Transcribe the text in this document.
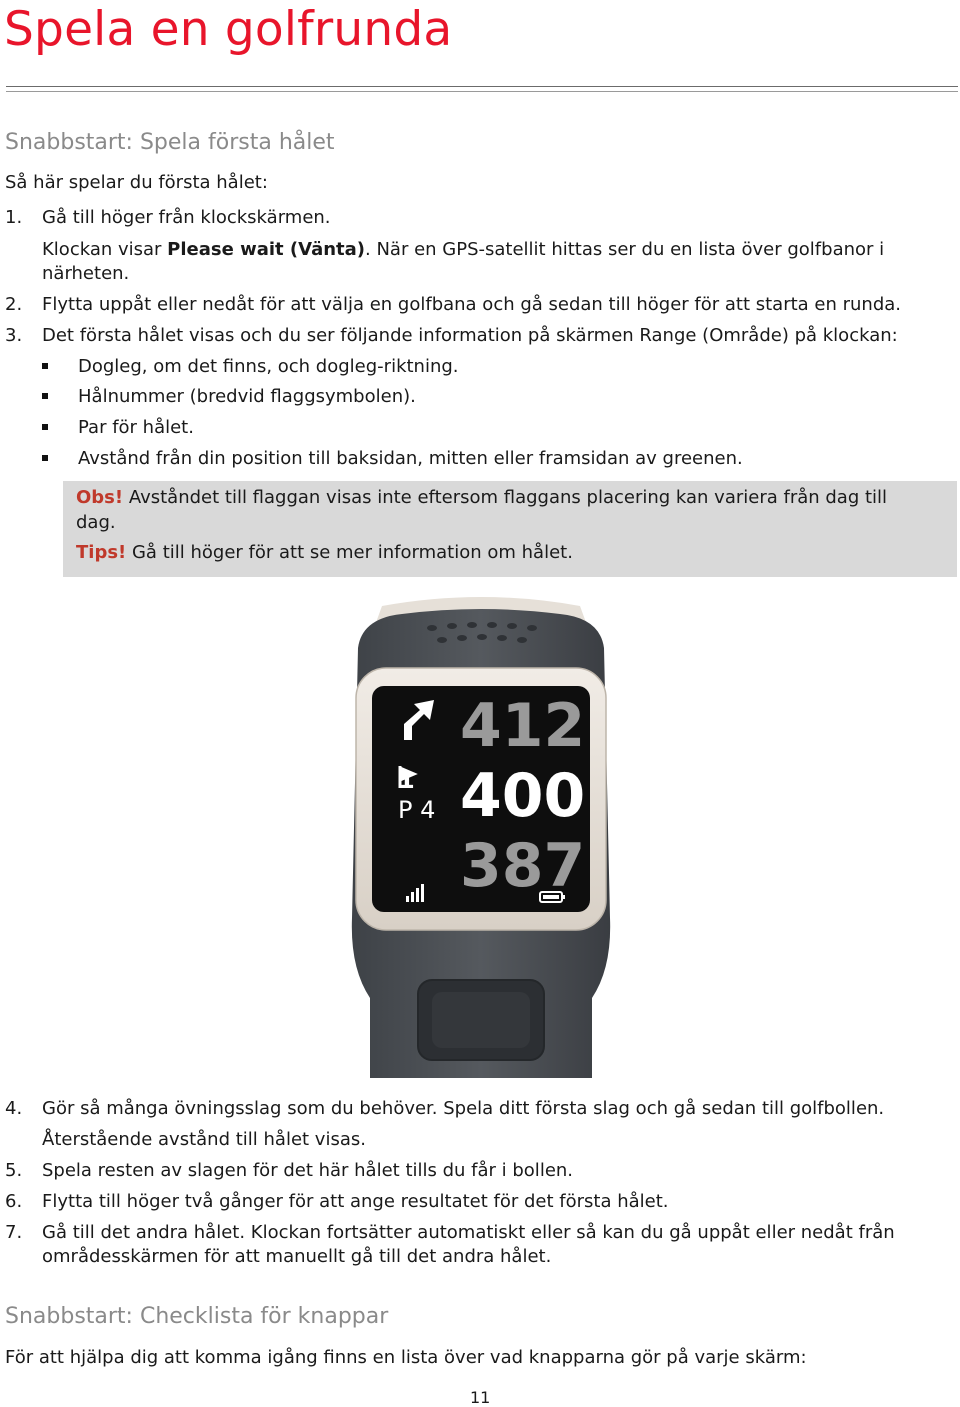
Spela en golfrunda
Snabbstart: Spela första hålet
Så här spelar du första hålet:
1. Gå till höger från klockskärmen.
Klockan visar Please wait (Vänta). När en GPS-satellit hittas ser du en lista över golfbanor i
närheten.
2. Flytta uppåt eller nedåt för att välja en golfbana och gå sedan till höger för att starta en runda.
3. Det första hålet visas och du ser följande information på skärmen Range (Område) på klockan:
Dogleg, om det finns, och dogleg-riktning.
Hålnummer (bredvid flaggsymbolen).
Par för hålet.
Avstånd från din position till baksidan, mitten eller framsidan av greenen.
Obs! Avståndet till flaggan visas inte eftersom flaggans placering kan variera från dag till
dag.
Tips! Gå till höger för att se mer information om hålet.
1
P 4
412
400
387
4. Gör så många övningsslag som du behöver. Spela ditt första slag och gå sedan till golfbollen.
Återstående avstånd till hålet visas.
5. Spela resten av slagen för det här hålet tills du får i bollen.
6. Flytta till höger två gånger för att ange resultatet för det första hålet.
7. Gå till det andra hålet. Klockan fortsätter automatiskt eller så kan du gå uppåt eller nedåt från
områdesskärmen för att manuellt gå till det andra hålet.
Snabbstart: Checklista för knappar
För att hjälpa dig att komma igång finns en lista över vad knapparna gör på varje skärm:
11
